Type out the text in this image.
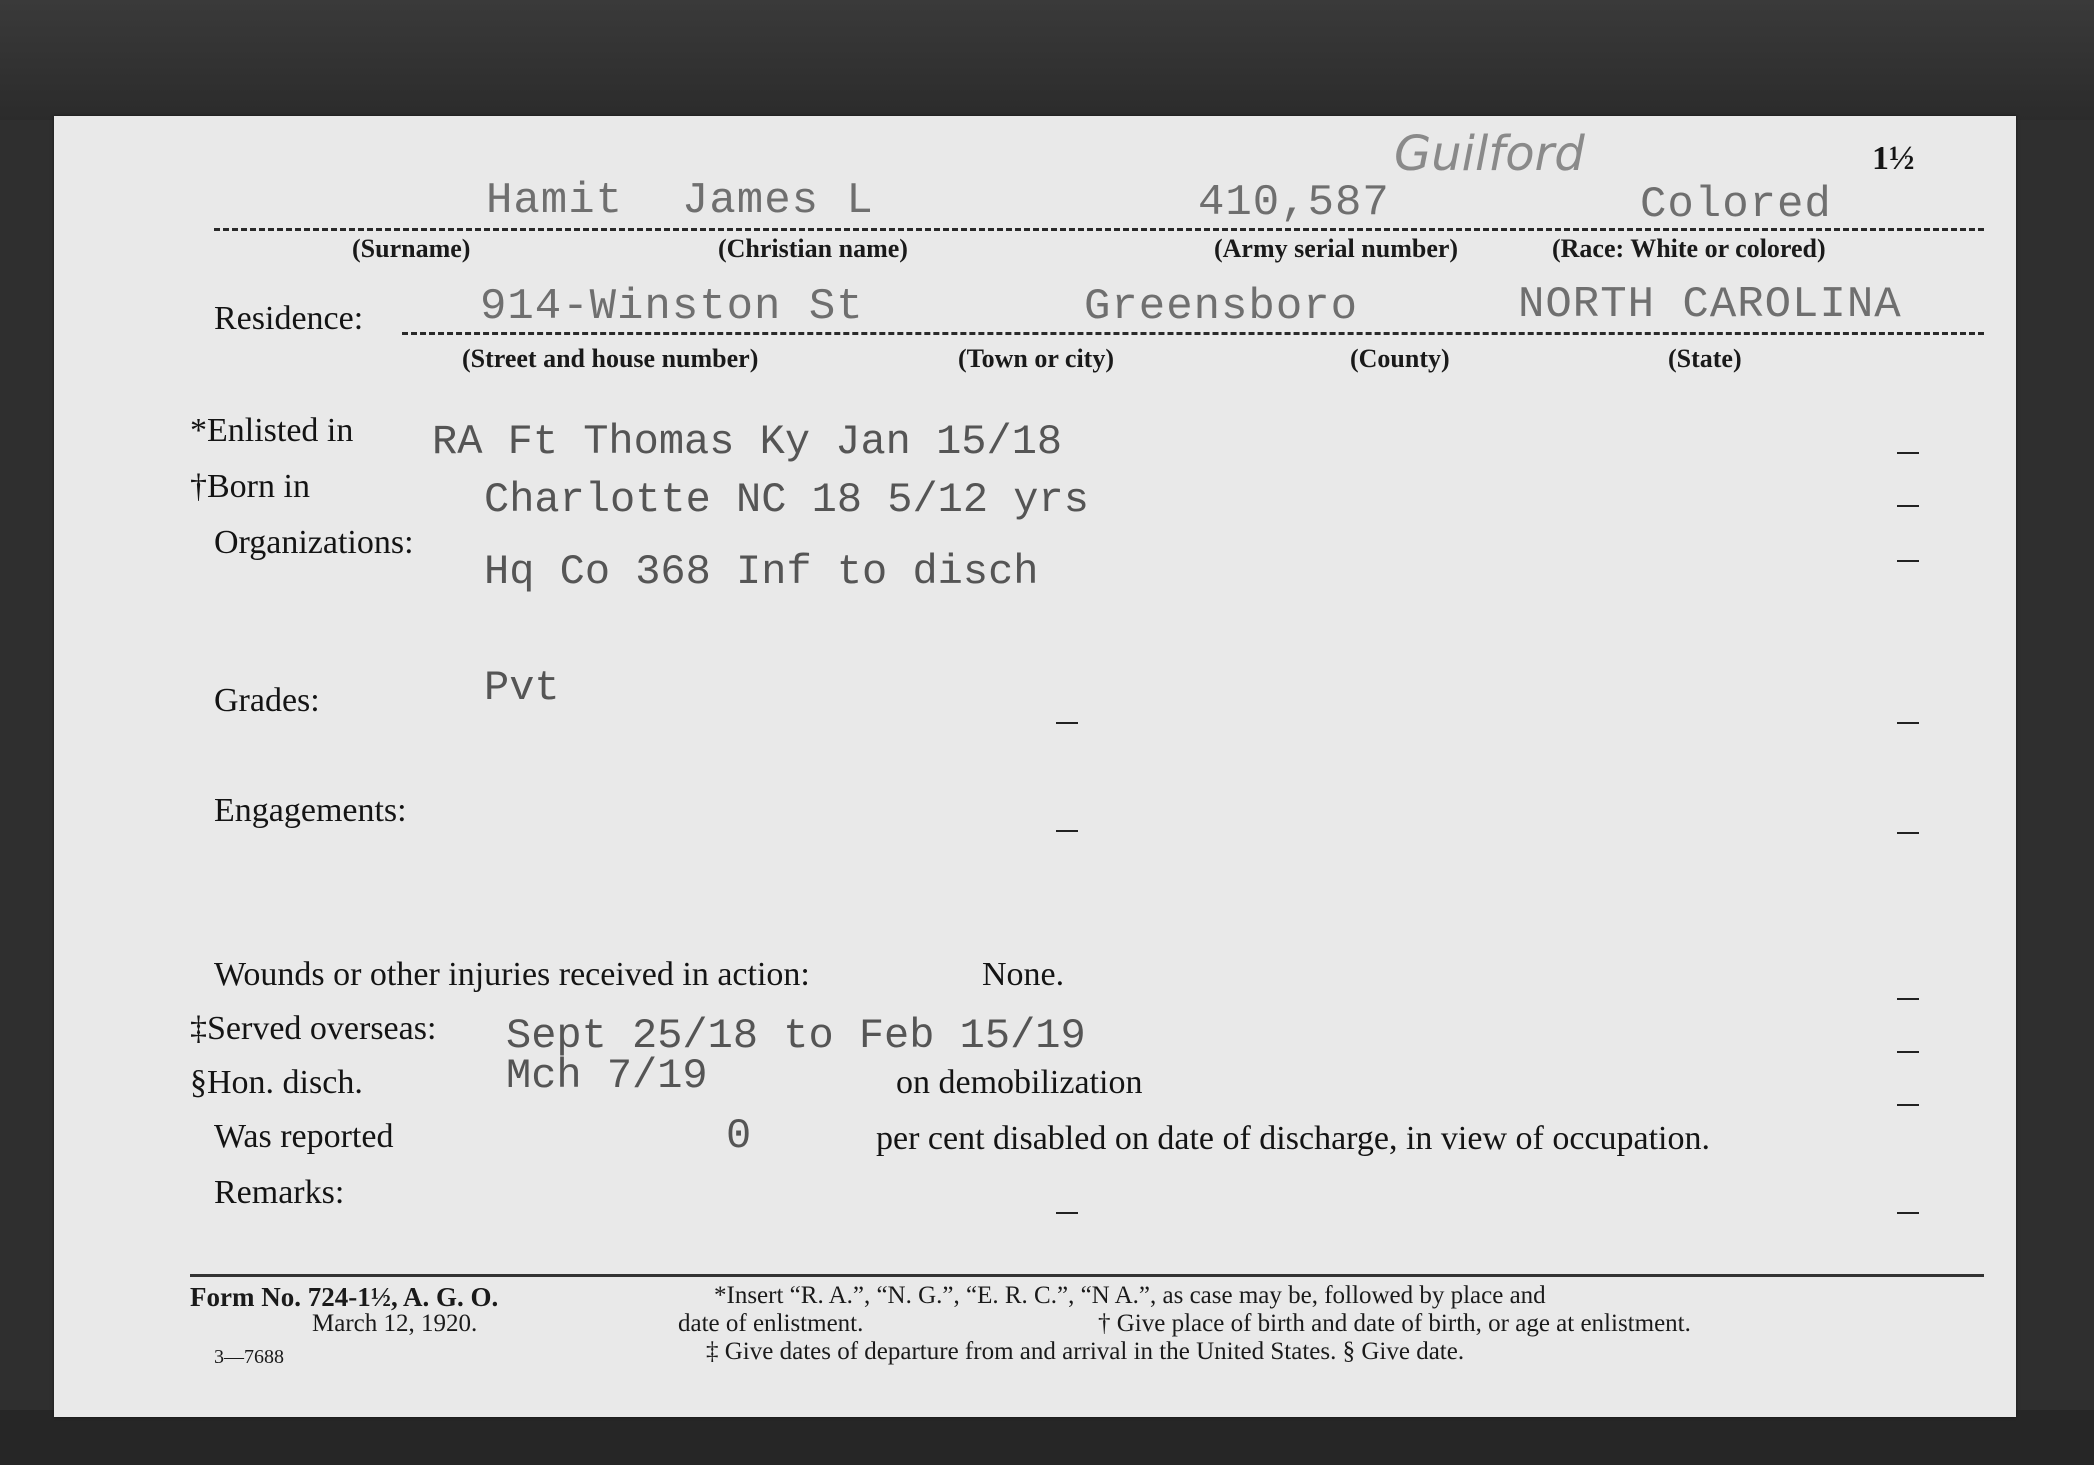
1½
Guilford
Hamit James L	410,587	Colored
(Surname)	(Christian name)	(Army serial number)	(Race: White or colored)
Residence:	914-Winston St	Greensboro	NORTH CAROLINA
(Street and house number)	(Town or city)	(County)	(State)
*Enlisted in RA Ft Thomas Ky Jan 15/18
†Born in	Charlotte NC 18 5/12 yrs
Organizations:
Hq Co 368 Inf to disch
Grades:	Pvt
Engagements:
Wounds or other injuries received in action:	None.
‡Served overseas: Sept 25/18 to Feb 15/19
§Hon. disch.	Mch 7/19	on demobilization
Was reported	0	per cent disabled on date of discharge, in view of occupation.
Remarks:
Form No. 724-1½, A. G. O.
March 12, 1920.
3—7688
*Insert “R. A.”, “N. G.”, “E. R. C.”, “N A.”, as case may be, followed by place and
date of enlistment.	† Give place of birth and date of birth, or age at enlistment.
‡ Give dates of departure from and arrival in the United States. § Give date.
